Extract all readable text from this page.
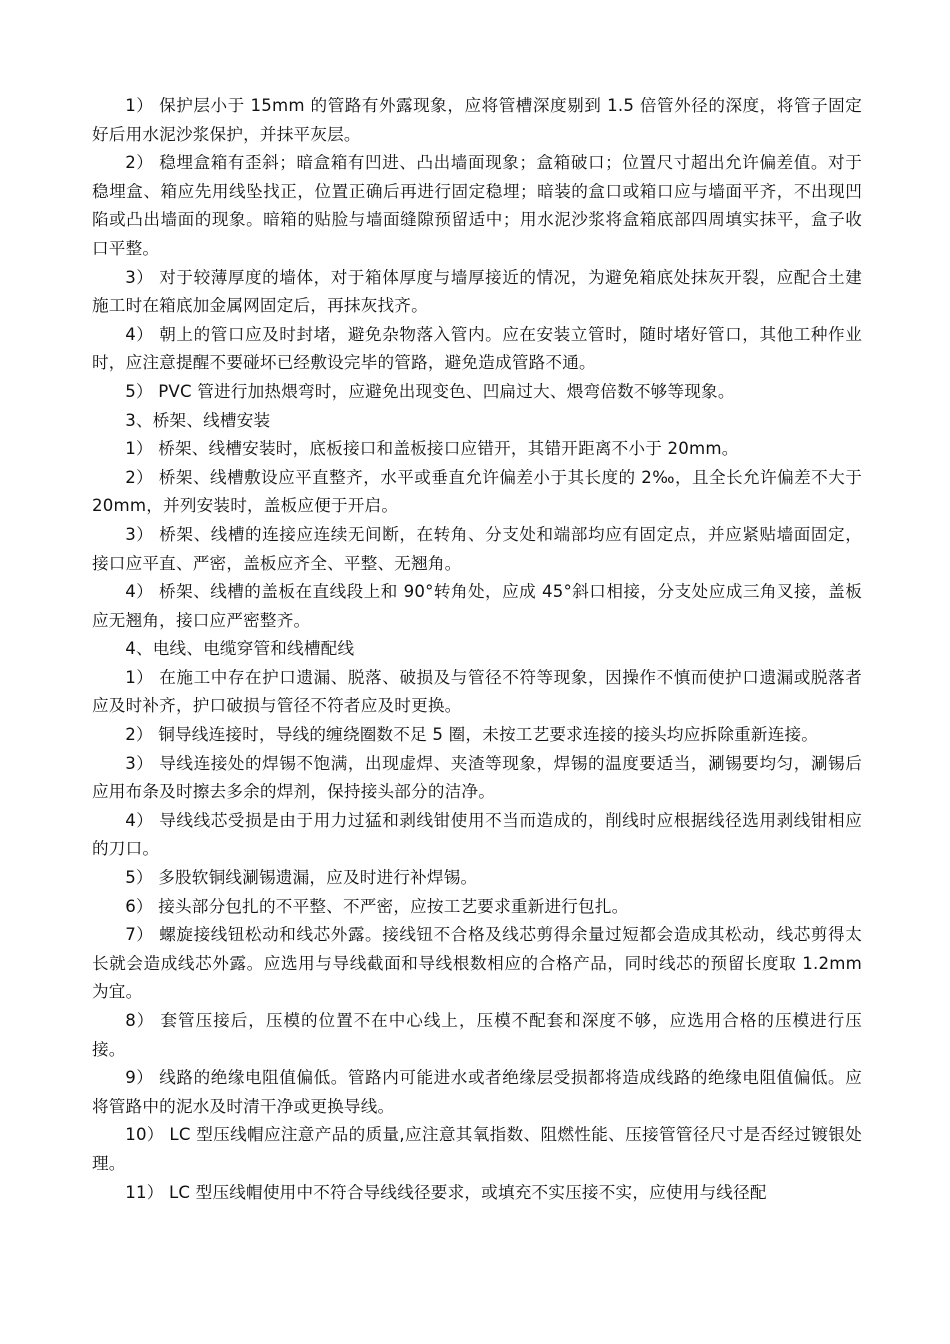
1） 保护层小于 15mm 的管路有外露现象，应将管槽深度剔到 1.5 倍管外径的深度，将管子固定好后用水泥沙浆保护，并抹平灰层。

2） 稳埋盒箱有歪斜；暗盒箱有凹进、凸出墙面现象；盒箱破口；位置尺寸超出允许偏差值。对于稳埋盒、箱应先用线坠找正，位置正确后再进行固定稳埋；暗装的盒口或箱口应与墙面平齐，不出现凹陷或凸出墙面的现象。暗箱的贴脸与墙面缝隙预留适中；用水泥沙浆将盒箱底部四周填实抹平，盒子收口平整。

3） 对于较薄厚度的墙体，对于箱体厚度与墙厚接近的情况，为避免箱底处抹灰开裂，应配合土建施工时在箱底加金属网固定后，再抹灰找齐。

4） 朝上的管口应及时封堵，避免杂物落入管内。应在安装立管时，随时堵好管口，其他工种作业时，应注意提醒不要碰坏已经敷设完毕的管路，避免造成管路不通。

5） PVC 管进行加热煨弯时，应避免出现变色、凹扁过大、煨弯倍数不够等现象。

3、桥架、线槽安装

1） 桥架、线槽安装时，底板接口和盖板接口应错开，其错开距离不小于 20mm。

2） 桥架、线槽敷设应平直整齐，水平或垂直允许偏差小于其长度的 2‰，且全长允许偏差不大于 20mm，并列安装时，盖板应便于开启。

3） 桥架、线槽的连接应连续无间断，在转角、分支处和端部均应有固定点，并应紧贴墙面固定，接口应平直、严密，盖板应齐全、平整、无翘角。

4） 桥架、线槽的盖板在直线段上和 90°转角处，应成 45°斜口相接，分支处应成三角叉接，盖板应无翘角，接口应严密整齐。

4、电线、电缆穿管和线槽配线

1） 在施工中存在护口遗漏、脱落、破损及与管径不符等现象，因操作不慎而使护口遗漏或脱落者应及时补齐，护口破损与管径不符者应及时更换。

2） 铜导线连接时，导线的缠绕圈数不足 5 圈，未按工艺要求连接的接头均应拆除重新连接。

3） 导线连接处的焊锡不饱满，出现虚焊、夹渣等现象，焊锡的温度要适当，涮锡要均匀，涮锡后应用布条及时擦去多余的焊剂，保持接头部分的洁净。

4） 导线线芯受损是由于用力过猛和剥线钳使用不当而造成的，削线时应根据线径选用剥线钳相应的刀口。

5） 多股软铜线涮锡遗漏，应及时进行补焊锡。

6） 接头部分包扎的不平整、不严密，应按工艺要求重新进行包扎。

7） 螺旋接线钮松动和线芯外露。接线钮不合格及线芯剪得余量过短都会造成其松动，线芯剪得太长就会造成线芯外露。应选用与导线截面和导线根数相应的合格产品，同时线芯的预留长度取 1.2mm 为宜。

8） 套管压接后，压模的位置不在中心线上，压模不配套和深度不够，应选用合格的压模进行压接。

9） 线路的绝缘电阻值偏低。管路内可能进水或者绝缘层受损都将造成线路的绝缘电阻值偏低。应将管路中的泥水及时清干净或更换导线。

10） LC 型压线帽应注意产品的质量,应注意其氧指数、阻燃性能、压接管管径尺寸是否经过镀银处理。

11） LC 型压线帽使用中不符合导线线径要求，或填充不实压接不实，应使用与线径配
